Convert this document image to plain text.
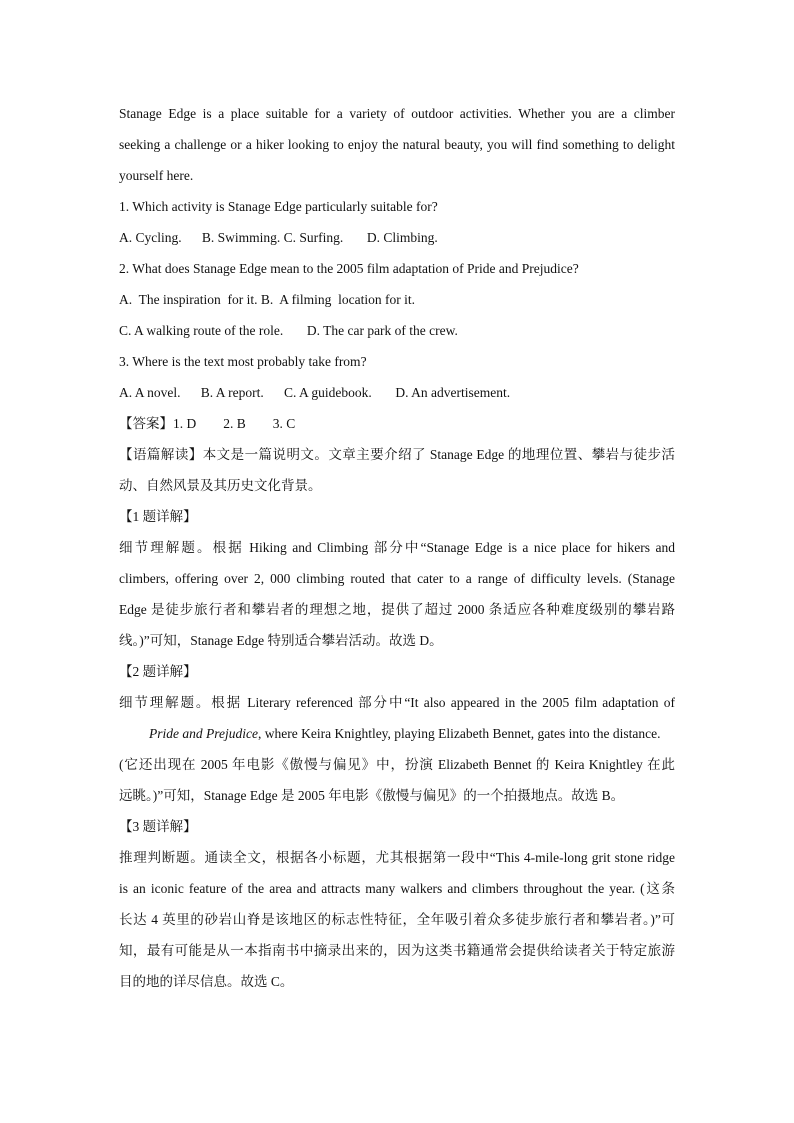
Stanage Edge is a place suitable for a variety of outdoor activities. Whether you are a climber
seeking a challenge or a hiker looking to enjoy the natural beauty, you will find something to delight
yourself here.
1. Which activity is Stanage Edge particularly suitable for?
A. Cycling.      B. Swimming. C. Surfing.       D. Climbing.
2. What does Stanage Edge mean to the 2005 film adaptation of Pride and Prejudice?
A.  The inspiration  for it. B.  A filming  location for it.
C. A walking route of the role.       D. The car park of the crew.
3. Where is the text most probably take from?
A. A novel.      B. A report.      C. A guidebook.       D. An advertisement.
【答案】1. D        2. B        3. C
【语篇解读】本文是一篇说明文。文章主要介绍了 Stanage Edge 的地理位置、攀岩与徒步活
动、自然风景及其历史文化背景。
【1 题详解】
细节理解题。根据 Hiking and Climbing 部分中“Stanage Edge is a nice place for hikers and
climbers, offering over 2, 000 climbing routed that cater to a range of difficulty levels. (Stanage
Edge 是徒步旅行者和攀岩者的理想之地，提供了超过 2000 条适应各种难度级别的攀岩路
线。)”可知，Stanage Edge 特别适合攀岩活动。故选 D。
【2 题详解】
细节理解题。根据 Literary referenced 部分中“It also appeared in the 2005 film adaptation of
Pride and Prejudice, where Keira Knightley, playing Elizabeth Bennet, gates into the distance.
(它还出现在 2005 年电影《傲慢与偏见》中，扮演 Elizabeth Bennet 的 Keira Knightley 在此
远眺。)”可知，Stanage Edge 是 2005 年电影《傲慢与偏见》的一个拍摄地点。故选 B。
【3 题详解】
推理判断题。通读全文，根据各小标题，尤其根据第一段中“This 4-mile-long grit stone ridge
is an iconic feature of the area and attracts many walkers and climbers throughout the year. (这条
长达 4 英里的砂岩山脊是该地区的标志性特征，全年吸引着众多徒步旅行者和攀岩者。)”可
知，最有可能是从一本指南书中摘录出来的，因为这类书籍通常会提供给读者关于特定旅游
目的地的详尽信息。故选 C。
